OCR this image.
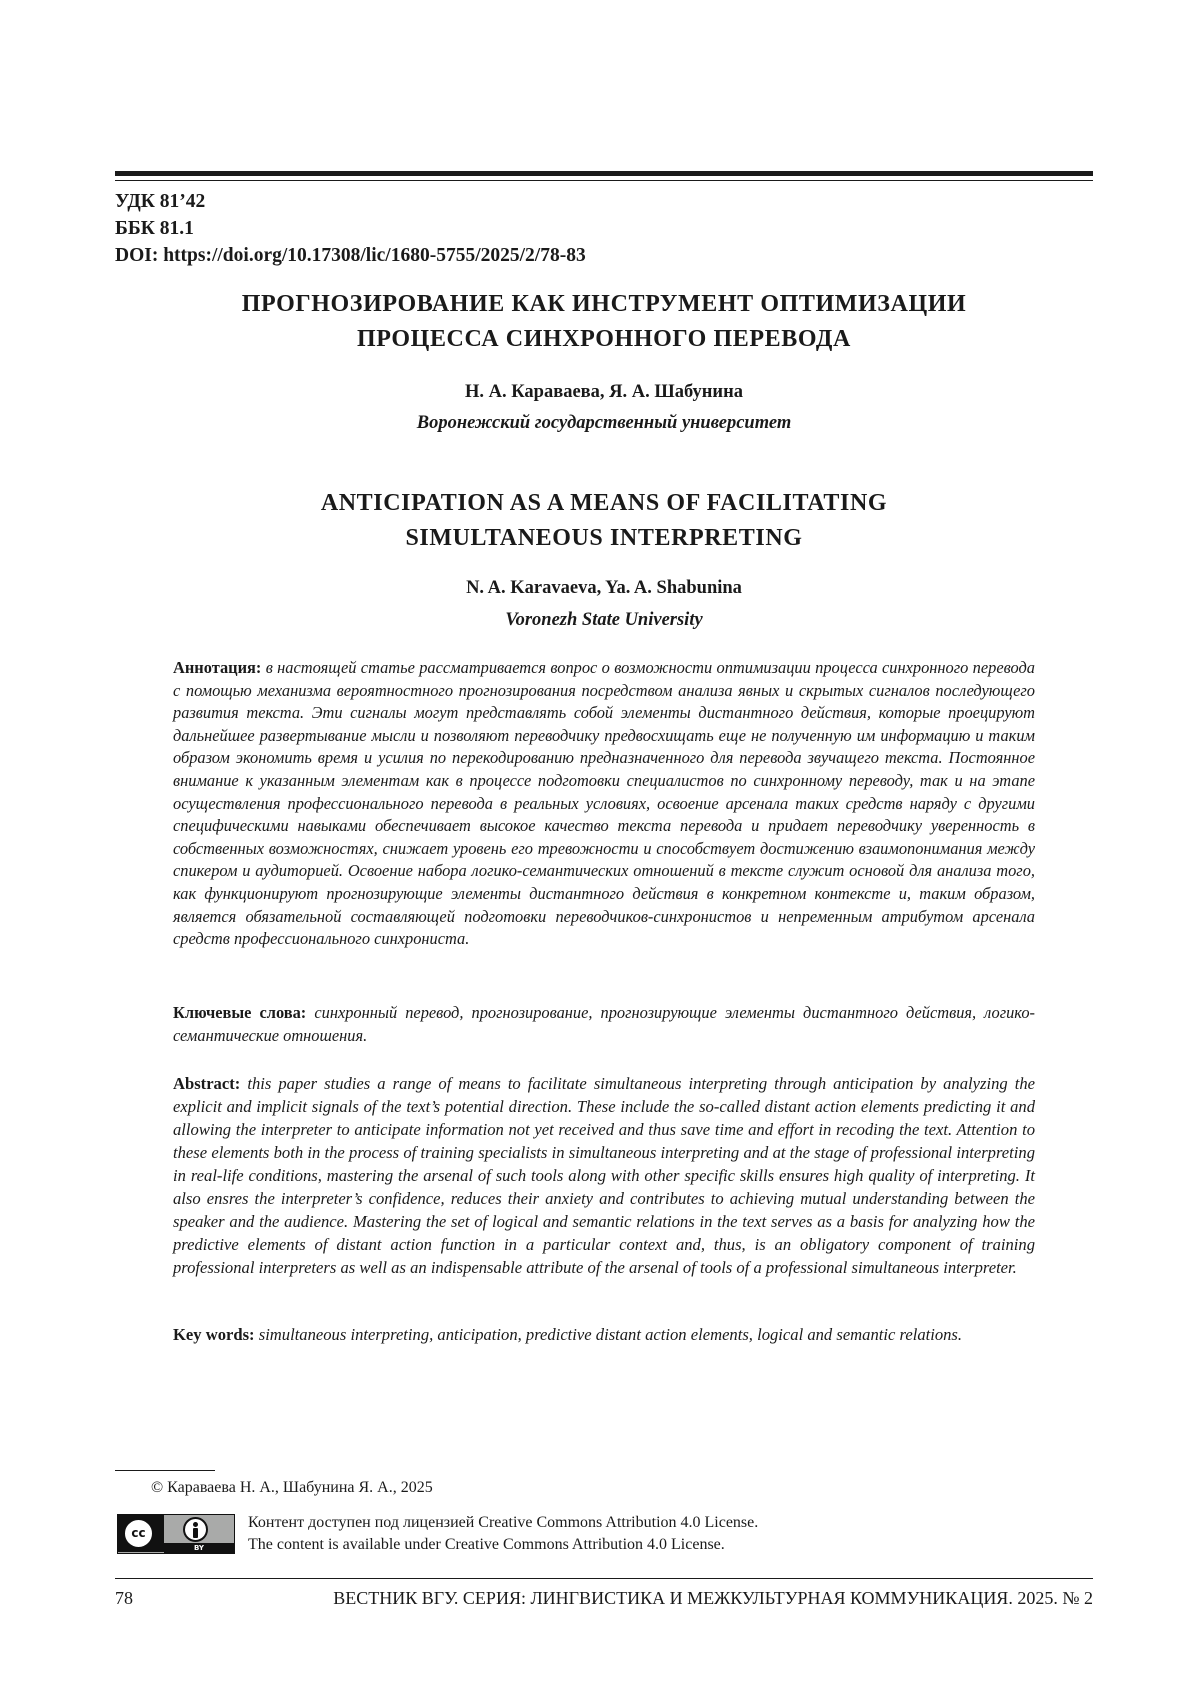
УДК 81’42
ББК 81.1
DOI: https://doi.org/10.17308/lic/1680-5755/2025/2/78-83
ПРОГНОЗИРОВАНИЕ КАК ИНСТРУМЕНТ ОПТИМИЗАЦИИ
ПРОЦЕССА СИНХРОННОГО ПЕРЕВОДА
Н. А. Караваева, Я. А. Шабунина
Воронежский государственный университет
ANTICIPATION AS A MEANS OF FACILITATING
SIMULTANEOUS INTERPRETING
N. A. Karavaeva, Ya. A. Shabunina
Voronezh State University
Аннотация: в настоящей статье рассматривается вопрос о возможности оптимизации процесса синхронного перевода с помощью механизма вероятностного прогнозирования посредством анализа явных и скрытых сигналов последующего развития текста. Эти сигналы могут представлять собой элементы дистантного действия, которые проецируют дальнейшее развертывание мысли и позволяют переводчику предвосхищать еще не полученную им информацию и таким образом экономить время и усилия по перекодированию предназначенного для перевода звучащего текста. Постоянное внимание к указанным элементам как в процессе подготовки специалистов по синхронному переводу, так и на этапе осуществления профессионального перевода в реальных условиях, освоение арсенала таких средств наряду с другими специфическими навыками обеспечивает высокое качество текста перевода и придает переводчику уверенность в собственных возможностях, снижает уровень его тревожности и способствует достижению взаимопонимания между спикером и аудиторией. Освоение набора логико-семантических отношений в тексте служит основой для анализа того, как функционируют прогнозирующие элементы дистантного действия в конкретном контексте и, таким образом, является обязательной составляющей подготовки переводчиков-синхронистов и непременным атрибутом арсенала средств профессионального синхрониста.
Ключевые слова: синхронный перевод, прогнозирование, прогнозирующие элементы дистантного действия, логико-семантические отношения.
Abstract: this paper studies a range of means to facilitate simultaneous interpreting through anticipation by analyzing the explicit and implicit signals of the text’s potential direction. These include the so-called distant action elements predicting it and allowing the interpreter to anticipate information not yet received and thus save time and effort in recoding the text. Attention to these elements both in the process of training specialists in simultaneous interpreting and at the stage of professional interpreting in real-life conditions, mastering the arsenal of such tools along with other specific skills ensures high quality of interpreting. It also ensres the interpreter’s confidence, reduces their anxiety and contributes to achieving mutual understanding between the speaker and the audience. Mastering the set of logical and semantic relations in the text serves as a basis for analyzing how the predictive elements of distant action function in a particular context and, thus, is an obligatory component of training professional interpreters as well as an indispensable attribute of the arsenal of tools of a professional simultaneous interpreter.
Key words: simultaneous interpreting, anticipation, predictive distant action elements, logical and semantic relations.
© Караваева Н. А., Шабунина Я. А., 2025
cc
BY
Контент доступен под лицензией Creative Commons Attribution 4.0 License.
The content is available under Creative Commons Attribution 4.0 License.
78	ВЕСТНИК ВГУ. СЕРИЯ: ЛИНГВИСТИКА И МЕЖКУЛЬТУРНАЯ КОММУНИКАЦИЯ. 2025. № 2
